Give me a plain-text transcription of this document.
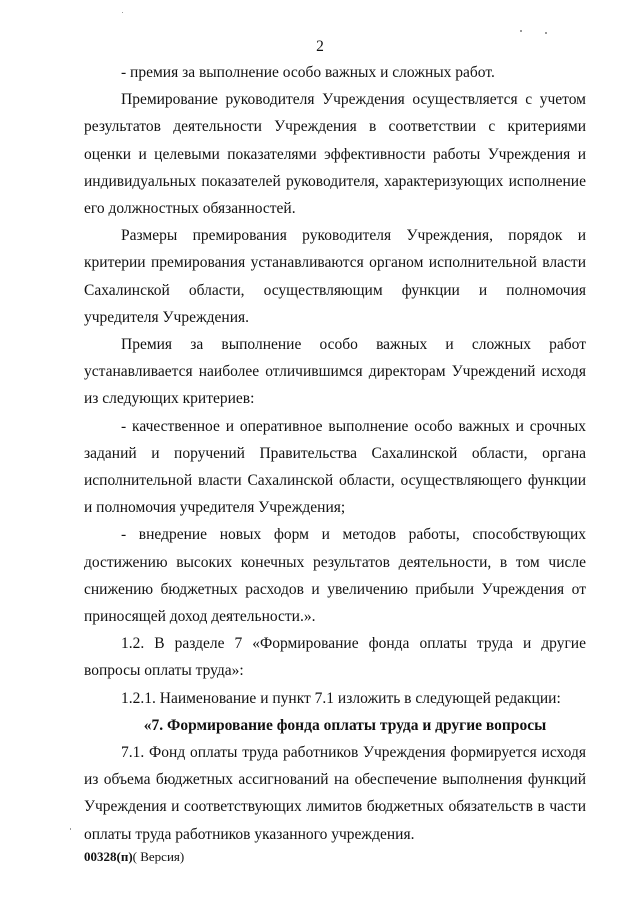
2

- премия за выполнение особо важных и сложных работ.

Премирование руководителя Учреждения осуществляется с учетом результатов деятельности Учреждения в соответствии с критериями оценки и целевыми показателями эффективности работы Учреждения и индивидуальных показателей руководителя, характеризующих исполнение его должностных обязанностей.

Размеры премирования руководителя Учреждения, порядок и критерии премирования устанавливаются органом исполнительной власти Сахалинской области, осуществляющим функции и полномочия учредителя Учреждения.

Премия за выполнение особо важных и сложных работ устанавливается наиболее отличившимся директорам Учреждений исходя из следующих критериев:

- качественное и оперативное выполнение особо важных и срочных заданий и поручений Правительства Сахалинской области, органа исполнительной власти Сахалинской области, осуществляющего функции и полномочия учредителя Учреждения;

- внедрение новых форм и методов работы, способствующих достижению высоких конечных результатов деятельности, в том числе снижению бюджетных расходов и увеличению прибыли Учреждения от приносящей доход деятельности.».

1.2. В разделе 7 «Формирование фонда оплаты труда и другие вопросы оплаты труда»:

1.2.1. Наименование и пункт 7.1 изложить в следующей редакции:

«7. Формирование фонда оплаты труда и другие вопросы

7.1. Фонд оплаты труда работников Учреждения формируется исходя из объема бюджетных ассигнований на обеспечение выполнения функций Учреждения и соответствующих лимитов бюджетных обязательств в части оплаты труда работников указанного учреждения.

00328(п)( Версия)
